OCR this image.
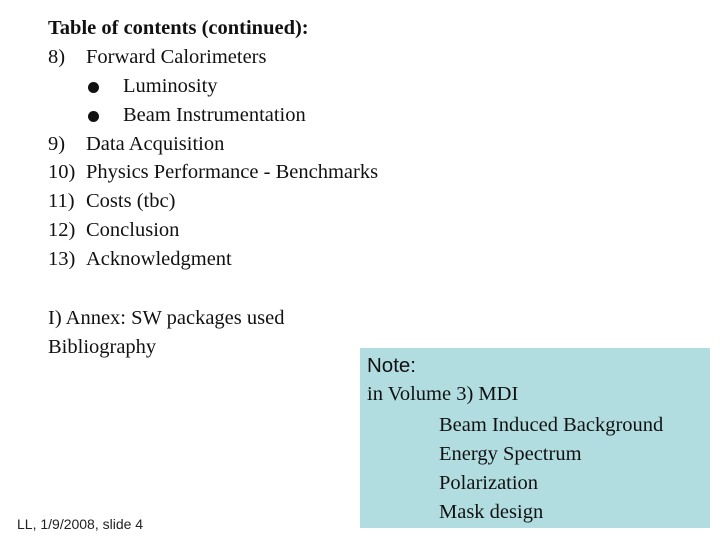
Table of contents (continued):
8) Forward Calorimeters
Luminosity
Beam Instrumentation
9) Data Acquisition
10) Physics Performance - Benchmarks
11) Costs (tbc)
12) Conclusion
13) Acknowledgment
I) Annex: SW packages used
Bibliography
Note:
in Volume 3) MDI
Beam Induced Background
Energy Spectrum
Polarization
Mask design
LL, 1/9/2008, slide 4
